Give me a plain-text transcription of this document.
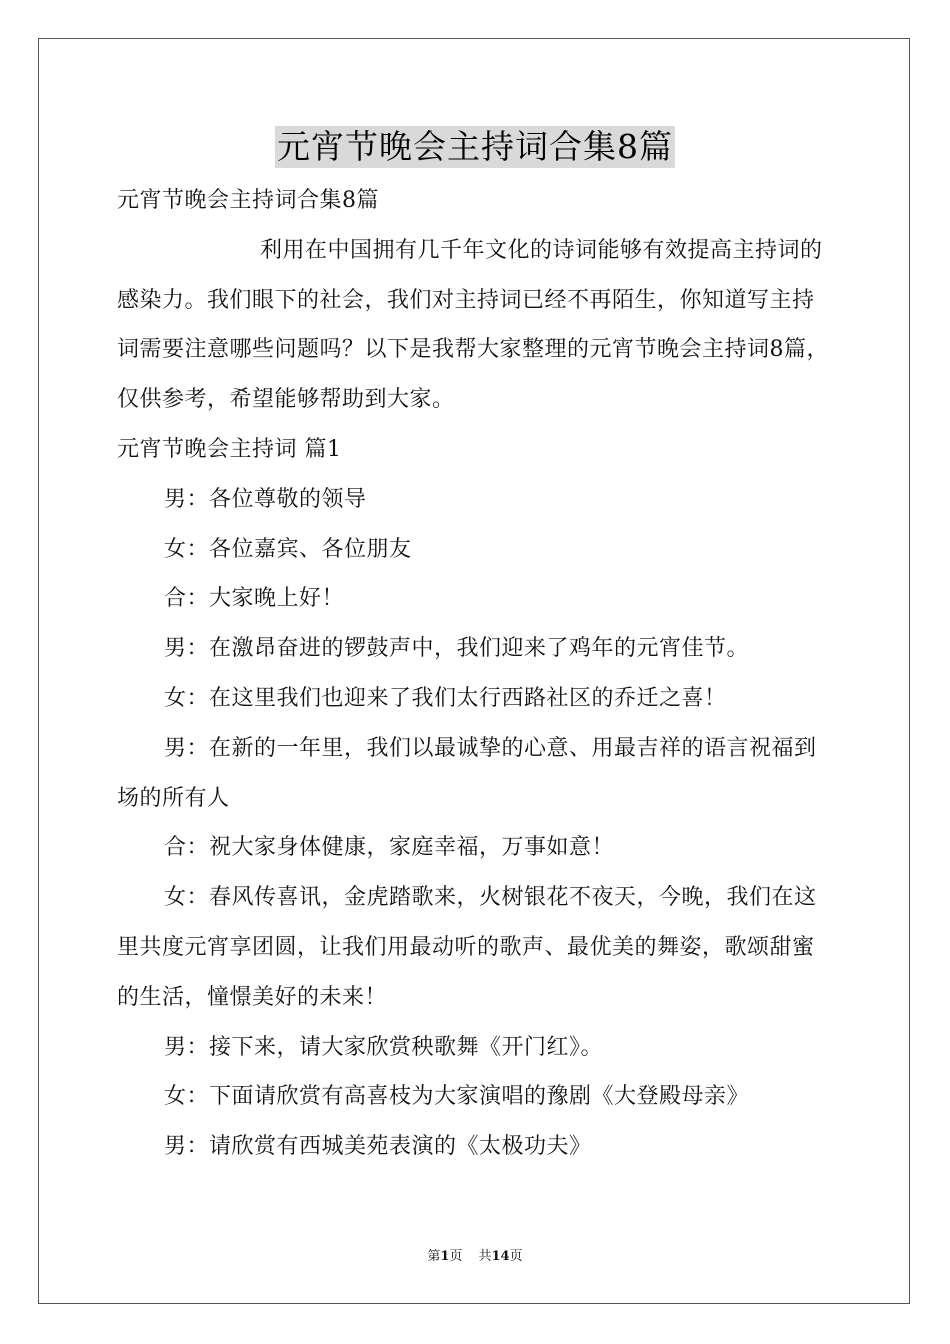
元宵节晚会主持词合集8篇

元宵节晚会主持词合集8篇

利用在中国拥有几千年文化的诗词能够有效提高主持词的感染力。我们眼下的社会，我们对主持词已经不再陌生，你知道写主持词需要注意哪些问题吗？以下是我帮大家整理的元宵节晚会主持词8篇，仅供参考，希望能够帮助到大家。

元宵节晚会主持词 篇1

男：各位尊敬的领导

女：各位嘉宾、各位朋友

合：大家晚上好！

男：在激昂奋进的锣鼓声中，我们迎来了鸡年的元宵佳节。

女：在这里我们也迎来了我们太行西路社区的乔迁之喜！

男：在新的一年里，我们以最诚挚的心意、用最吉祥的语言祝福到场的所有人

合：祝大家身体健康，家庭幸福，万事如意！

女：春风传喜讯，金虎踏歌来，火树银花不夜天，今晚，我们在这里共度元宵享团圆，让我们用最动听的歌声、最优美的舞姿，歌颂甜蜜的生活，憧憬美好的未来！

男：接下来，请大家欣赏秧歌舞《开门红》。

女：下面请欣赏有高喜枝为大家演唱的豫剧《大登殿母亲》

男：请欣赏有西城美苑表演的《太极功夫》

第1页 共14页
